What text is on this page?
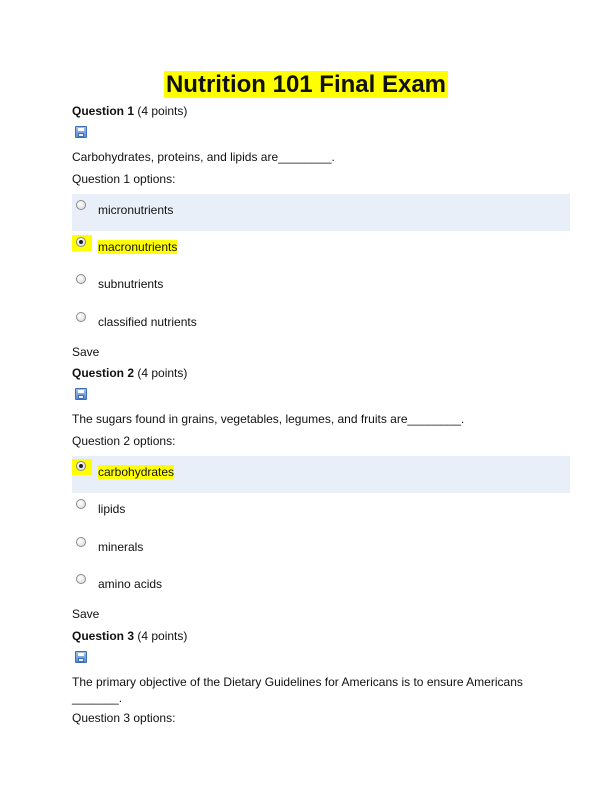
Nutrition 101 Final Exam
Question 1 (4 points)
Carbohydrates, proteins, and lipids are________.
Question 1 options:
micronutrients
macronutrients
subnutrients
classified nutrients
Save
Question 2 (4 points)
The sugars found in grains, vegetables, legumes, and fruits are________.
Question 2 options:
carbohydrates
lipids
minerals
amino acids
Save
Question 3 (4 points)
The primary objective of the Dietary Guidelines for Americans is to ensure Americans
_______.
Question 3 options:
